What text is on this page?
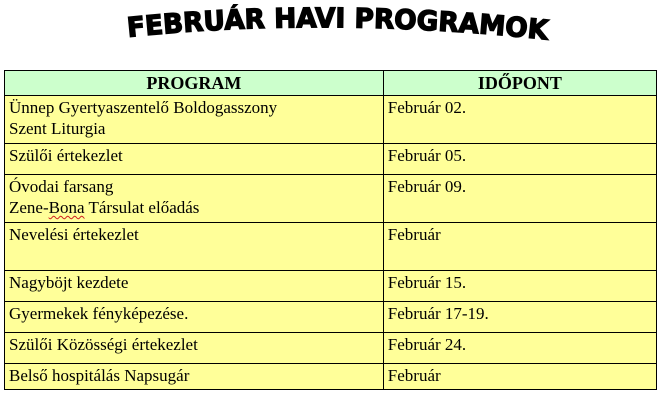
FEBRUÁR HAVI PROGRAMOK
PROGRAM	IDŐPONT

Ünnep Gyertyaszentelő Boldogasszony
Szent Liturgia	Február 02.

Szülői értekezlet	Február 05.

Óvodai farsang
Zene-Bona Társulat előadás	Február 09.

Nevelési értekezlet	Február

Nagyböjt kezdete	Február 15.

Gyermekek fényképezése.	Február 17-19.

Szülői Közösségi értekezlet	Február 24.

Belső hospitálás Napsugár	Február
